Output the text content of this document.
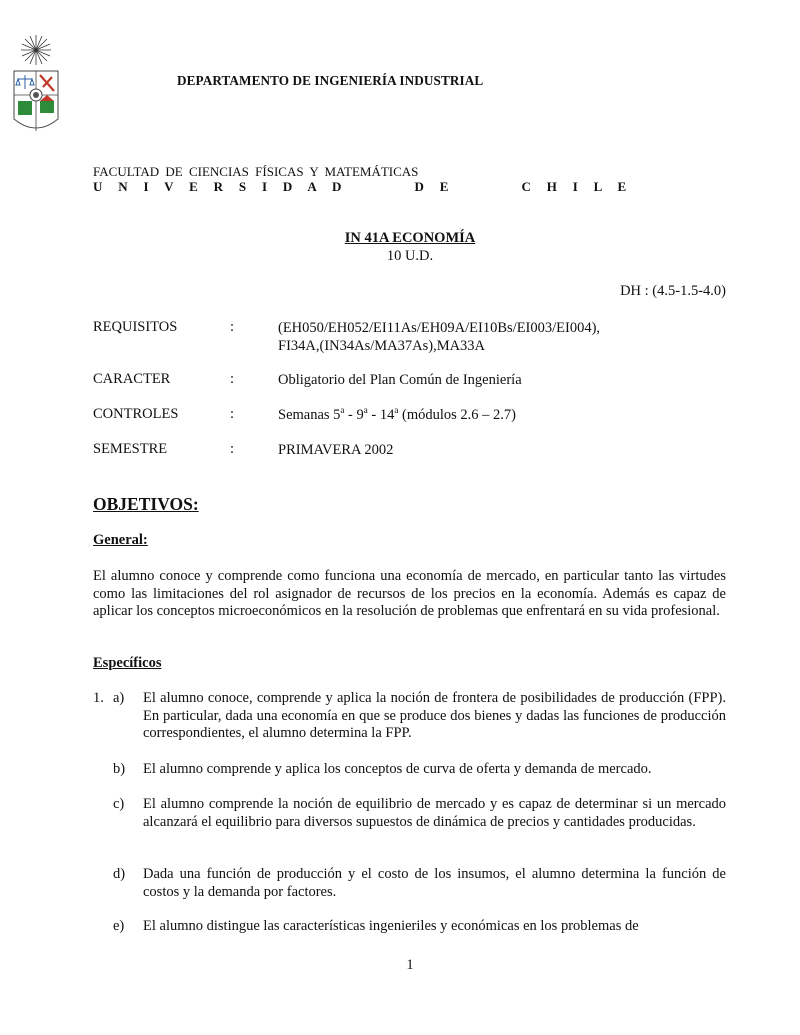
DEPARTAMENTO DE INGENIERÍA INDUSTRIAL
FACULTAD DE CIENCIAS FÍSICAS Y MATEMÁTICAS
U N I V E R S I D A D       D E       C H I L E
IN 41A ECONOMÍA
10 U.D.
DH : (4.5-1.5-4.0)
REQUISITOS	:	(EH050/EH052/EI11As/EH09A/EI10Bs/EI003/EI004),
FI34A,(IN34As/MA37As),MA33A
CARACTER	:	Obligatorio del Plan Común de Ingeniería
CONTROLES	:	Semanas 5$^a$ - 9$^a$ - 14$^a$ (módulos 2.6 – 2.7)
SEMESTRE	:	PRIMAVERA 2002
OBJETIVOS:
General:
El alumno conoce y comprende como funciona una economía de mercado, en particular tanto las virtudes como las limitaciones del rol asignador de recursos de los precios en la economía. Además es capaz de aplicar los conceptos microeconómicos en la resolución de problemas que enfrentará en su vida profesional.
Específicos
1. a) El alumno conoce, comprende y aplica la noción de frontera de posibilidades de producción (FPP). En particular, dada una economía en que se produce dos bienes y dadas las funciones de producción correspondientes, el alumno determina la FPP.
b) El alumno comprende y aplica los conceptos de curva de oferta y demanda de mercado.
c) El alumno comprende la noción de equilibrio de mercado y es capaz de determinar si un mercado alcanzará el equilibrio para diversos supuestos de dinámica de precios y cantidades producidas.
d) Dada una función de producción y el costo de los insumos, el alumno determina la función de costos y la demanda por factores.
e) El alumno distingue las características ingenieriles y económicas en los problemas de
1
